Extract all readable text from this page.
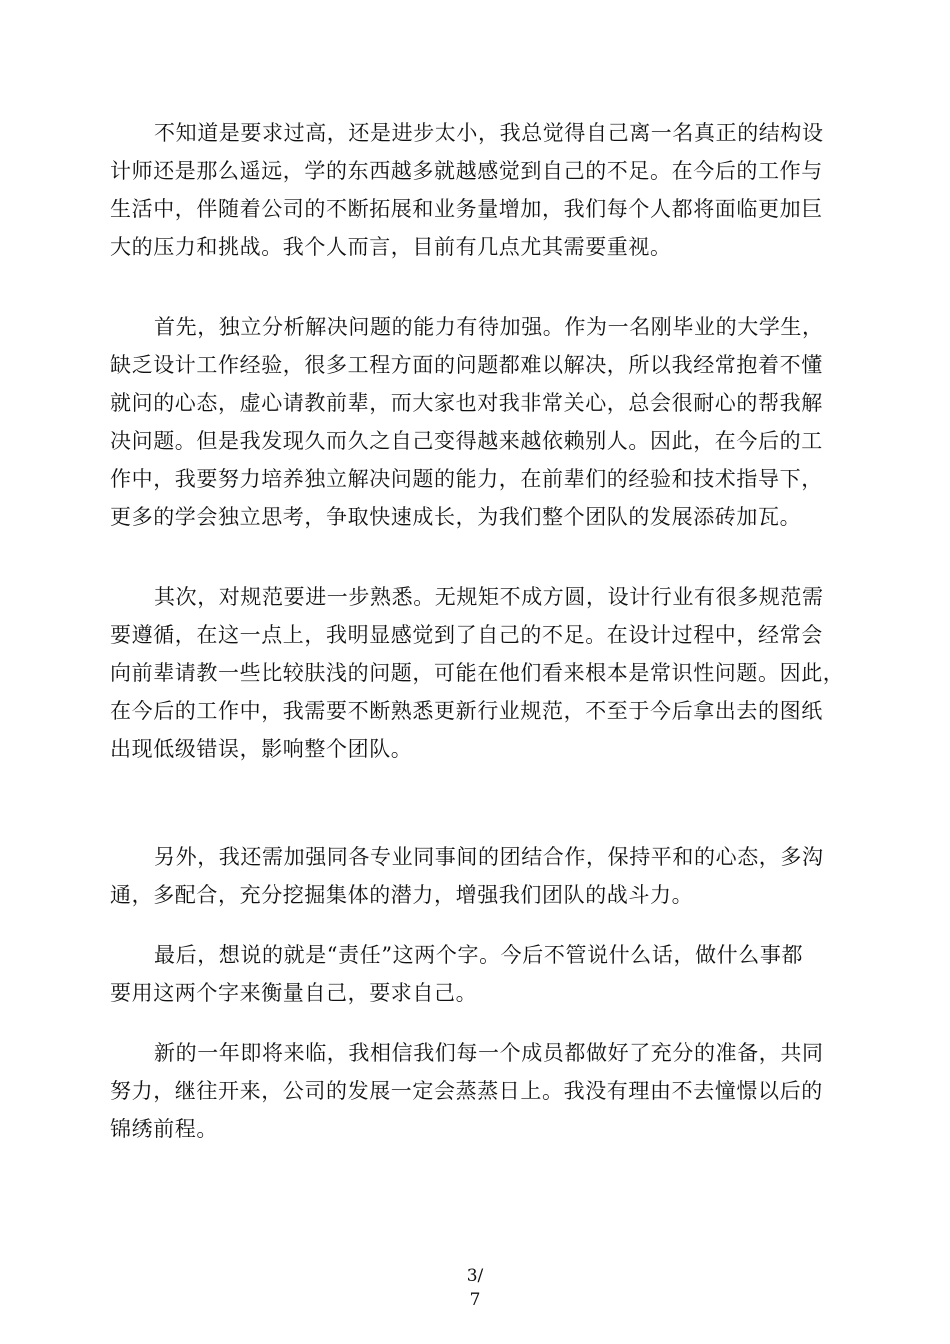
不知道是要求过高，还是进步太小，我总觉得自己离一名真正的结构设
计师还是那么遥远，学的东西越多就越感觉到自己的不足。在今后的工作与
生活中，伴随着公司的不断拓展和业务量增加，我们每个人都将面临更加巨
大的压力和挑战。我个人而言，目前有几点尤其需要重视。
首先，独立分析解决问题的能力有待加强。作为一名刚毕业的大学生，
缺乏设计工作经验，很多工程方面的问题都难以解决，所以我经常抱着不懂
就问的心态，虚心请教前辈，而大家也对我非常关心，总会很耐心的帮我解
决问题。但是我发现久而久之自己变得越来越依赖别人。因此，在今后的工
作中，我要努力培养独立解决问题的能力，在前辈们的经验和技术指导下，
更多的学会独立思考，争取快速成长，为我们整个团队的发展添砖加瓦。
其次，对规范要进一步熟悉。无规矩不成方圆，设计行业有很多规范需
要遵循，在这一点上，我明显感觉到了自己的不足。在设计过程中，经常会
向前辈请教一些比较肤浅的问题，可能在他们看来根本是常识性问题。因此，
在今后的工作中，我需要不断熟悉更新行业规范，不至于今后拿出去的图纸
出现低级错误，影响整个团队。
另外，我还需加强同各专业同事间的团结合作，保持平和的心态，多沟
通，多配合，充分挖掘集体的潜力，增强我们团队的战斗力。
最后，想说的就是“责任”这两个字。今后不管说什么话，做什么事都
要用这两个字来衡量自己，要求自己。
新的一年即将来临，我相信我们每一个成员都做好了充分的准备，共同
努力，继往开来，公司的发展一定会蒸蒸日上。我没有理由不去憧憬以后的
锦绣前程。
3/
7
